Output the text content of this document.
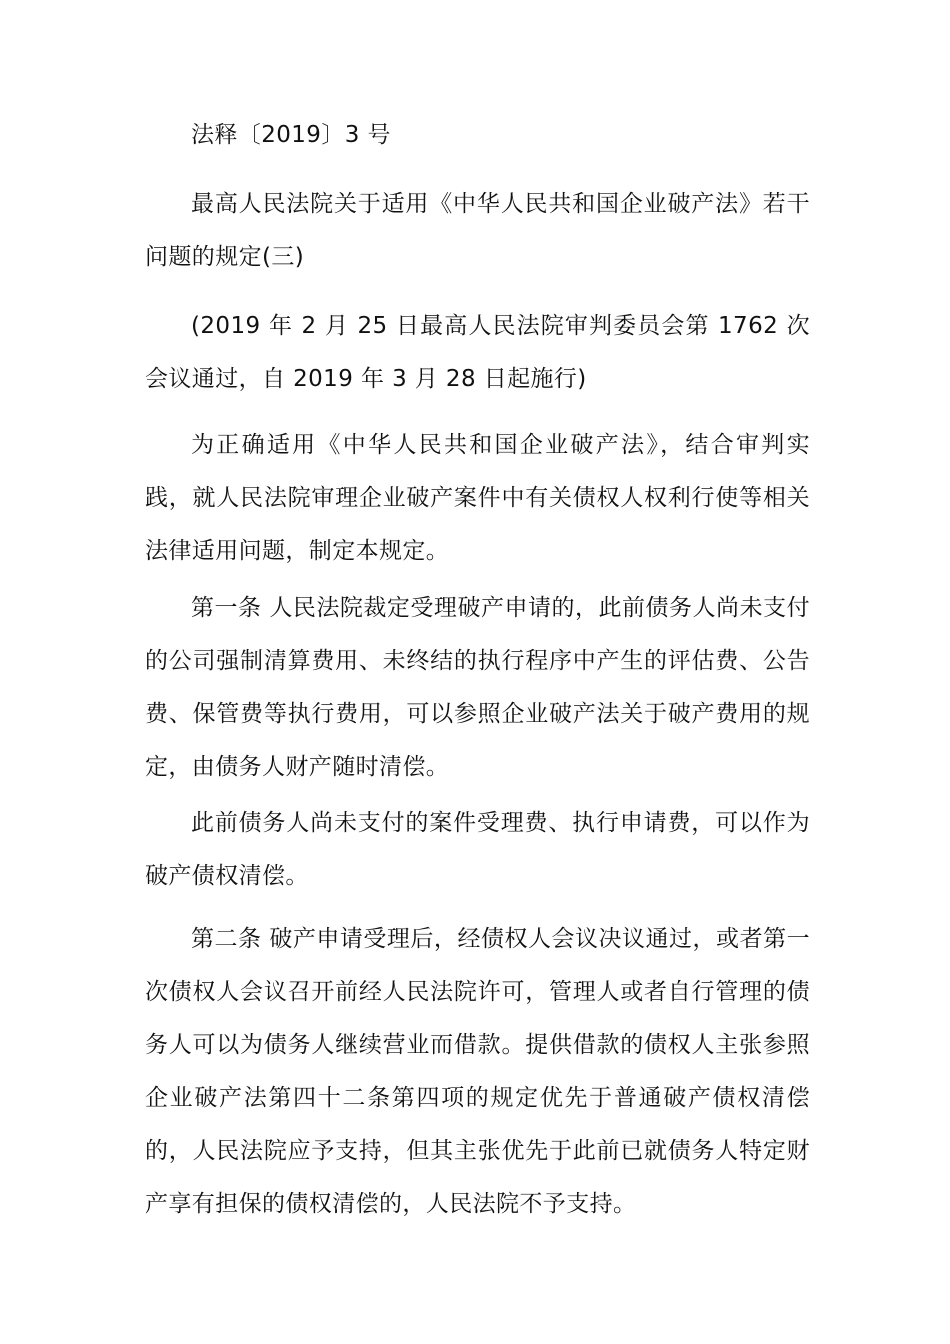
法释〔2019〕3 号

最高人民法院关于适用《中华人民共和国企业破产法》若干问题的规定(三)

(2019 年 2 月 25 日最高人民法院审判委员会第 1762 次会议通过，自 2019 年 3 月 28 日起施行)

为正确适用《中华人民共和国企业破产法》，结合审判实践，就人民法院审理企业破产案件中有关债权人权利行使等相关法律适用问题，制定本规定。

第一条 人民法院裁定受理破产申请的，此前债务人尚未支付的公司强制清算费用、未终结的执行程序中产生的评估费、公告费、保管费等执行费用，可以参照企业破产法关于破产费用的规定，由债务人财产随时清偿。

此前债务人尚未支付的案件受理费、执行申请费，可以作为破产债权清偿。

第二条 破产申请受理后，经债权人会议决议通过，或者第一次债权人会议召开前经人民法院许可，管理人或者自行管理的债务人可以为债务人继续营业而借款。提供借款的债权人主张参照企业破产法第四十二条第四项的规定优先于普通破产债权清偿的，人民法院应予支持，但其主张优先于此前已就债务人特定财产享有担保的债权清偿的，人民法院不予支持。
